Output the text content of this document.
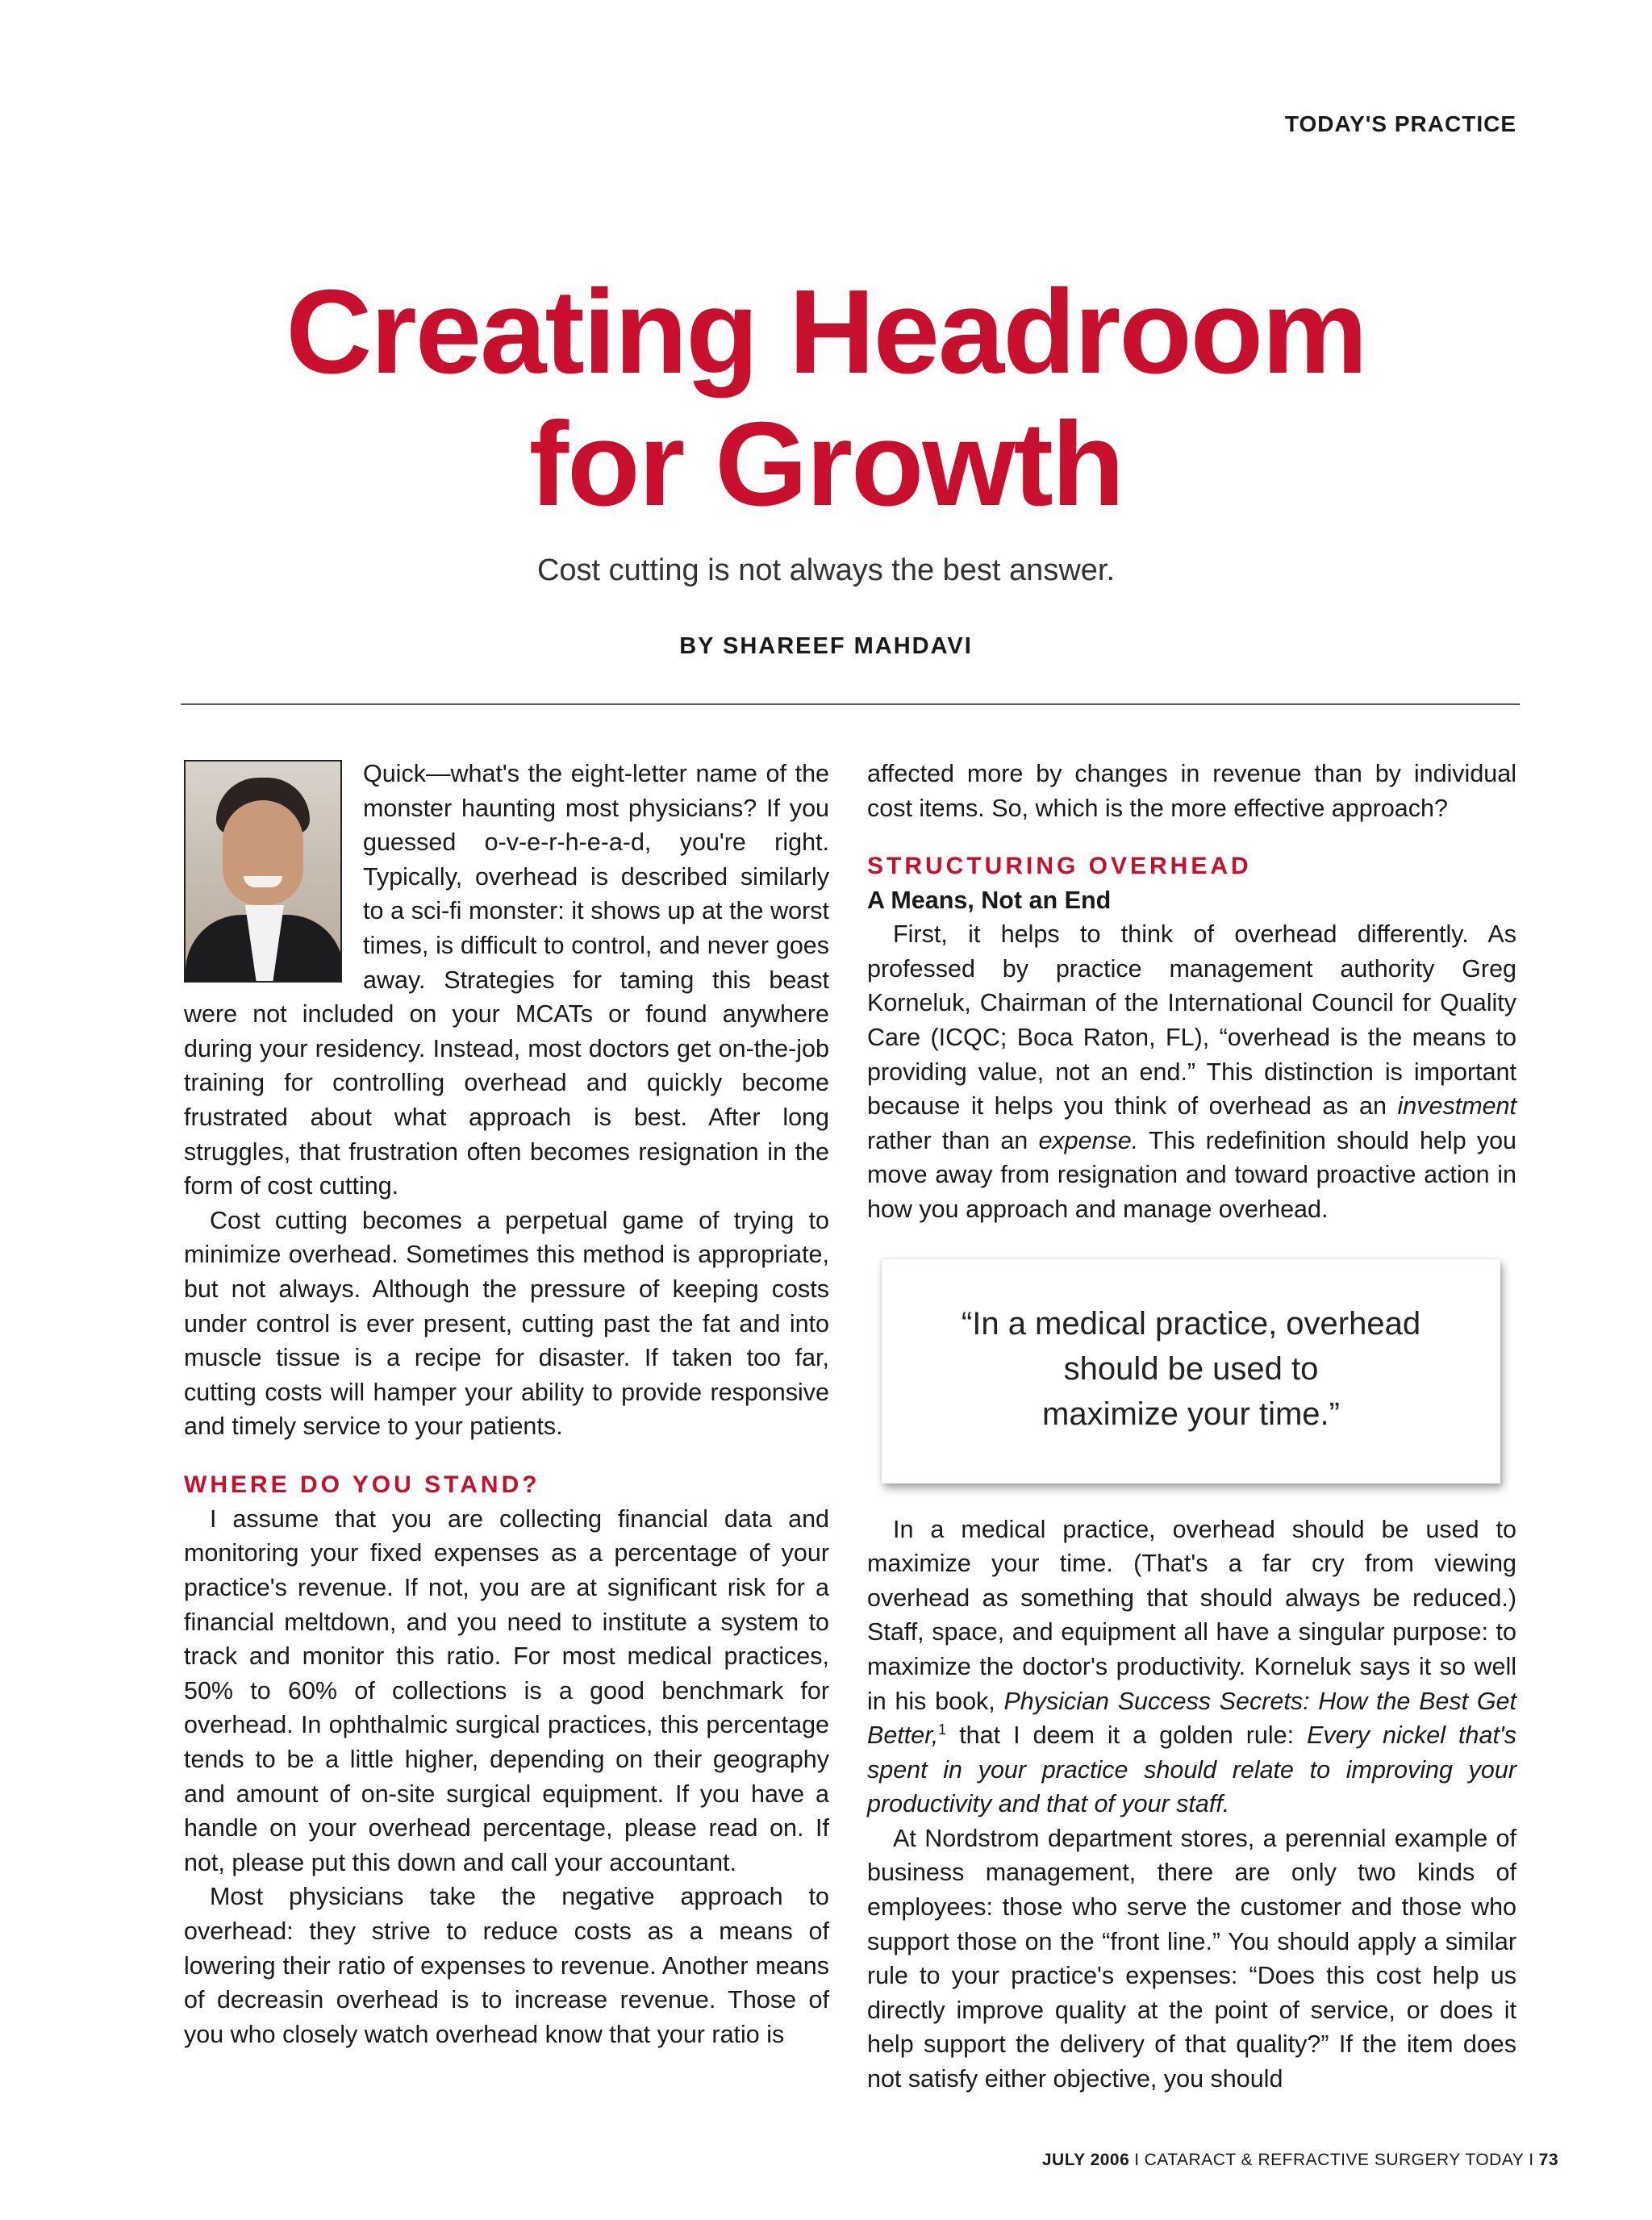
TODAY'S PRACTICE
Creating Headroom
for Growth
Cost cutting is not always the best answer.
BY SHAREEF MAHDAVI

Quick—what's the eight-letter name of the monster haunting most physicians? If you guessed o-v-e-r-h-e-a-d, you're right. Typically, overhead is described similarly to a sci-fi monster: it shows up at the worst times, is difficult to control, and never goes away. Strategies for taming this beast were not included on your MCATs or found anywhere during your residency. Instead, most doctors get on-the-job training for controlling overhead and quickly become frustrated about what approach is best. After long struggles, that frustration often becomes resignation in the form of cost cutting.

Cost cutting becomes a perpetual game of trying to minimize overhead. Sometimes this method is appropriate, but not always. Although the pressure of keeping costs under control is ever present, cutting past the fat and into muscle tissue is a recipe for disaster. If taken too far, cutting costs will hamper your ability to provide responsive and timely service to your patients.

WHERE DO YOU STAND?

I assume that you are collecting financial data and monitoring your fixed expenses as a percentage of your practice's revenue. If not, you are at significant risk for a financial meltdown, and you need to institute a system to track and monitor this ratio. For most medical practices, 50% to 60% of collections is a good benchmark for overhead. In ophthalmic surgical practices, this percentage tends to be a little higher, depending on their geography and amount of on-site surgical equipment. If you have a handle on your overhead percentage, please read on. If not, please put this down and call your accountant.

Most physicians take the negative approach to overhead: they strive to reduce costs as a means of lowering their ratio of expenses to revenue. Another means of decreasin overhead is to increase revenue. Those of you who closely watch overhead know that your ratio is

affected more by changes in revenue than by individual cost items. So, which is the more effective approach?

STRUCTURING OVERHEAD
A Means, Not an End

First, it helps to think of overhead differently. As professed by practice management authority Greg Korneluk, Chairman of the International Council for Quality Care (ICQC; Boca Raton, FL), “overhead is the means to providing value, not an end.” This distinction is important because it helps you think of overhead as an investment rather than an expense. This redefinition should help you move away from resignation and toward proactive action in how you approach and manage overhead.

“In a medical practice, overhead
should be used to
maximize your time.”

In a medical practice, overhead should be used to maximize your time. (That's a far cry from viewing overhead as something that should always be reduced.) Staff, space, and equipment all have a singular purpose: to maximize the doctor's productivity. Korneluk says it so well in his book, Physician Success Secrets: How the Best Get Better,$^1$ that I deem it a golden rule: Every nickel that's spent in your practice should relate to improving your productivity and that of your staff.

At Nordstrom department stores, a perennial example of business management, there are only two kinds of employees: those who serve the customer and those who support those on the “front line.” You should apply a similar rule to your practice's expenses: “Does this cost help us directly improve quality at the point of service, or does it help support the delivery of that quality?” If the item does not satisfy either objective, you should

JULY 2006 I CATARACT & REFRACTIVE SURGERY TODAY I 73
